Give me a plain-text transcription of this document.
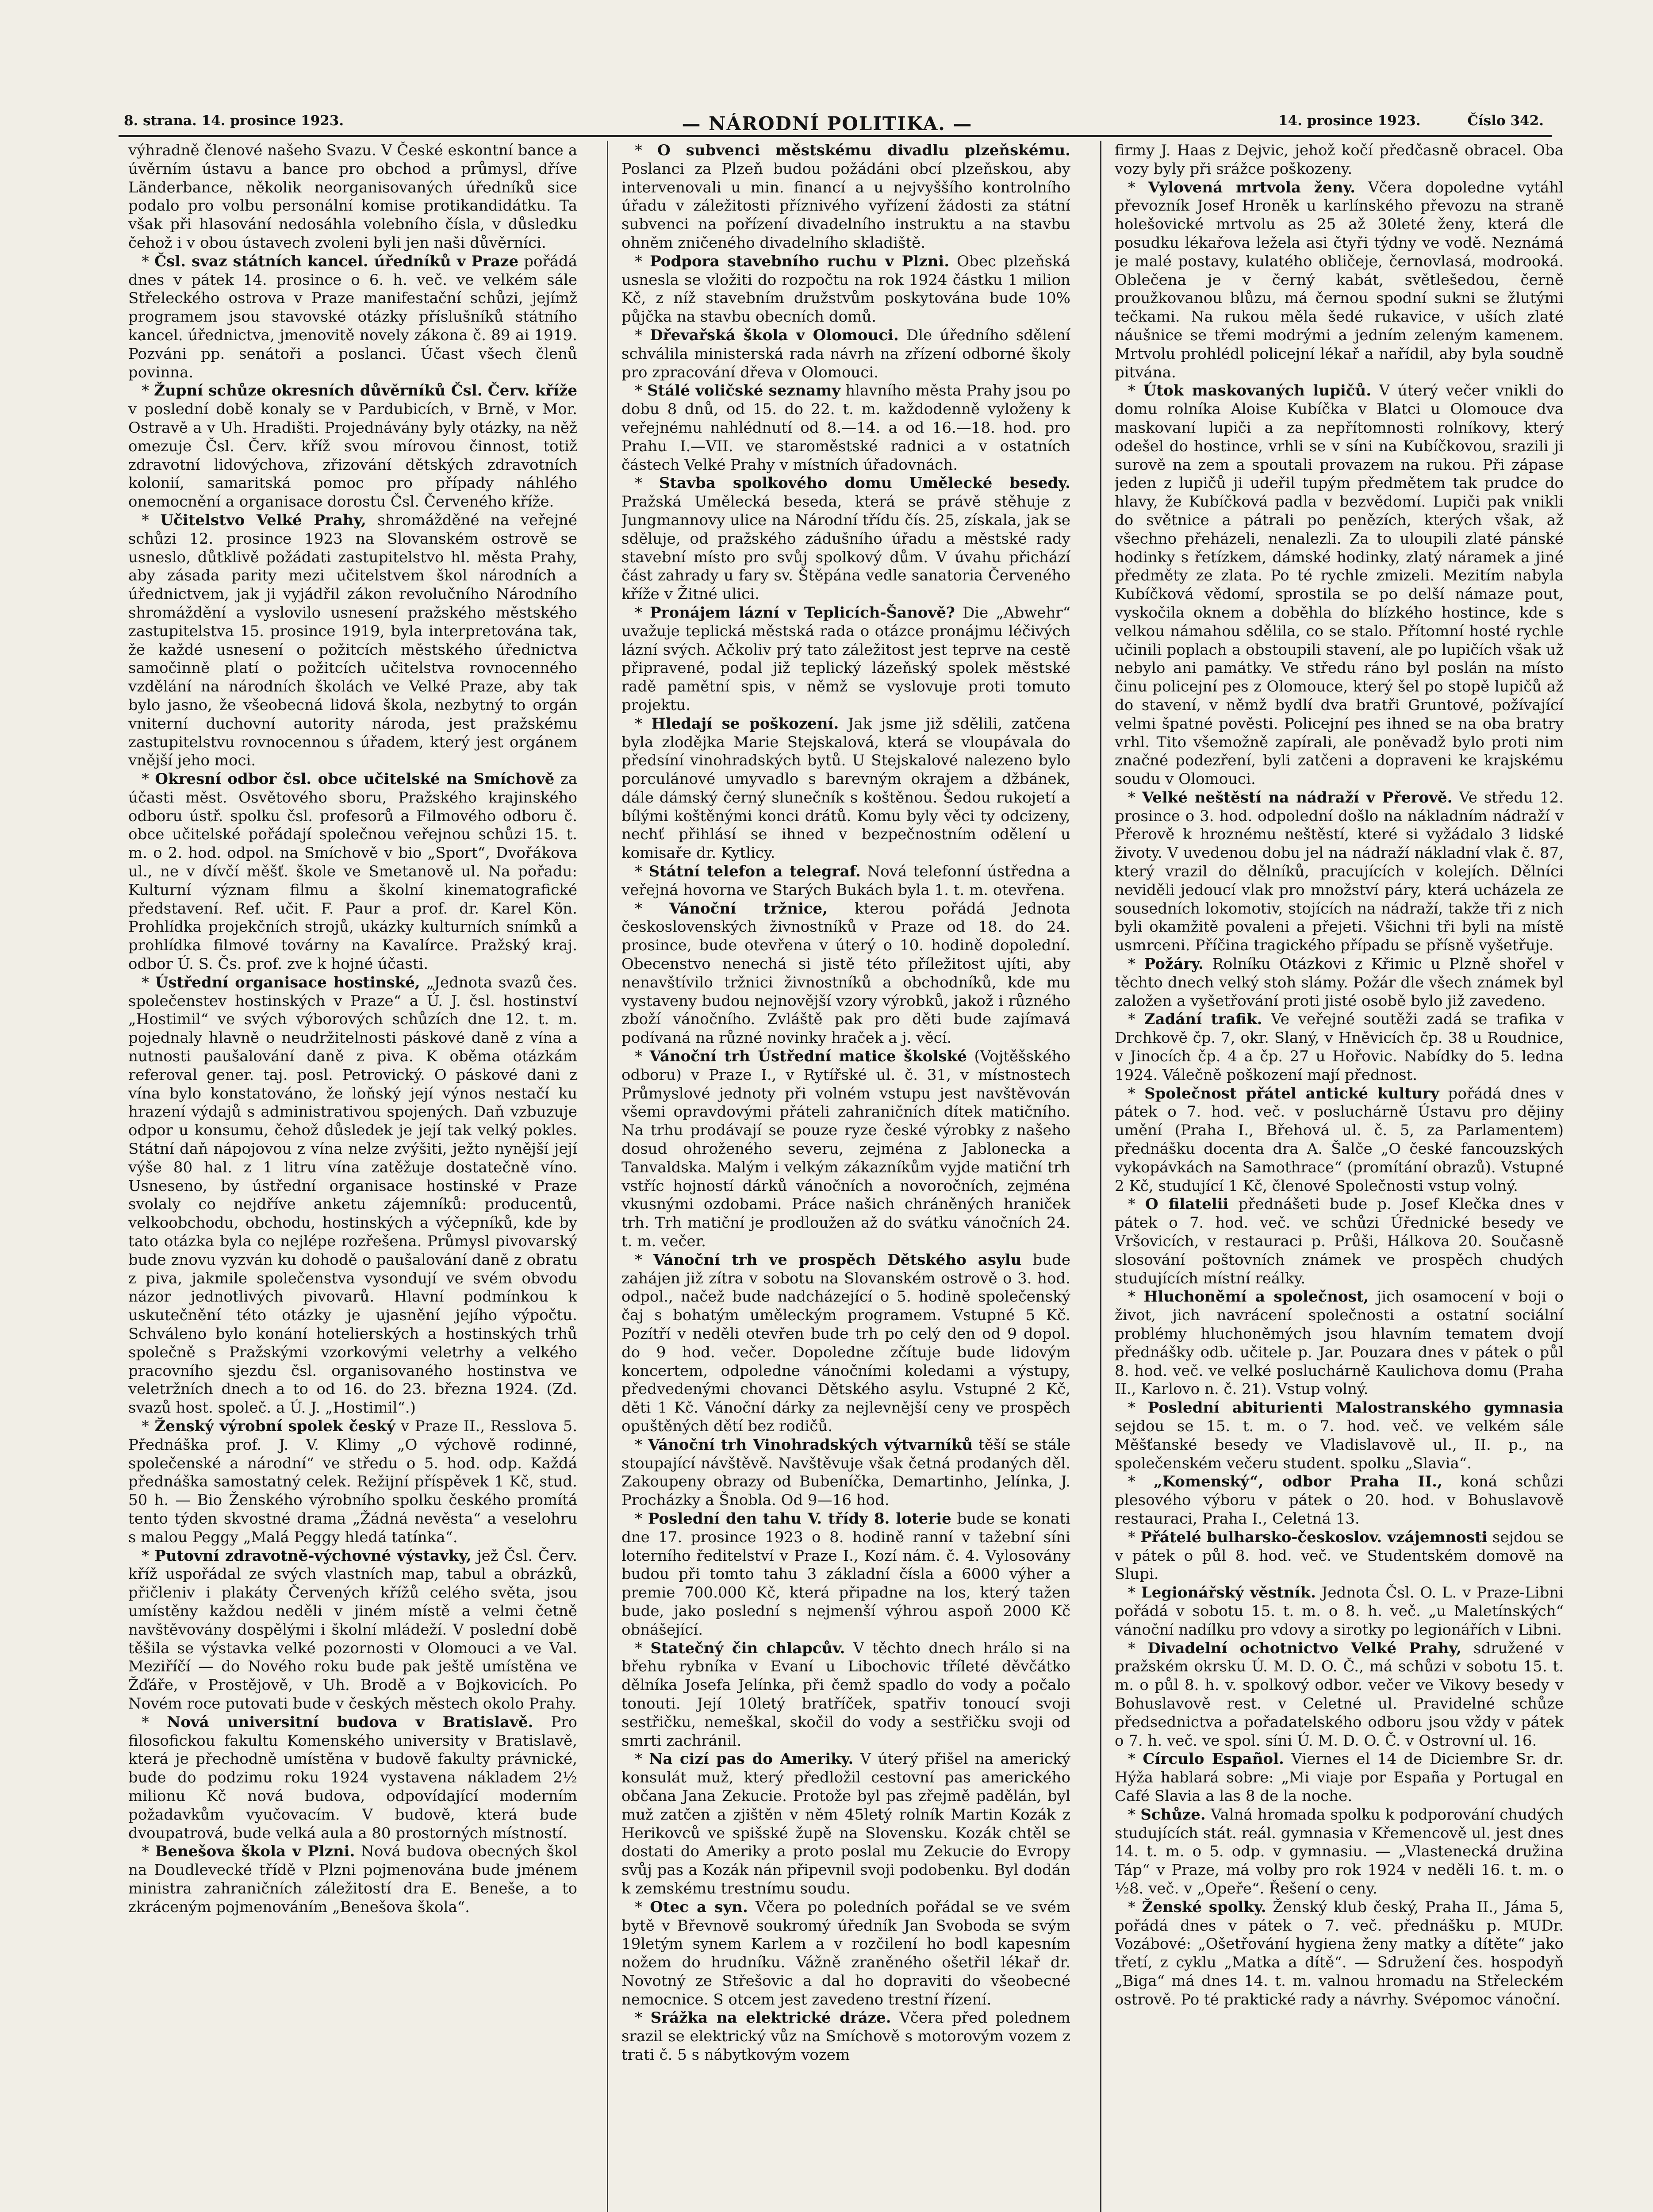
8. strana. 14. prosince 1923.	— NÁRODNÍ POLITIKA. —	14. prosince 1923.	Číslo 342.

výhradně členové našeho Svazu. V České eskontní bance a úvěrním ústavu a bance pro obchod a průmysl, dříve Länderbance, několik neorganisovaných úředníků sice podalo pro volbu personální komise protikandidátku. Ta však při hlasování nedosáhla volebního čísla, v důsledku čehož i v obou ústavech zvoleni byli jen naši důvěrníci.

* Čsl. svaz státních kancel. úředníků v Praze pořádá dnes v pátek 14. prosince o 6. h. več. ve velkém sále Střeleckého ostrova v Praze manifestační schůzi, jejímž programem jsou stavovské otázky příslušníků státního kancel. úřednictva, jmenovitě novely zákona č. 89 ai 1919. Pozváni pp. senátoři a poslanci. Účast všech členů povinna.

* Župní schůze okresních důvěrníků Čsl. Červ. kříže v poslední době konaly se v Pardubicích, v Brně, v Mor. Ostravě a v Uh. Hradišti. Projednávány byly otázky, na něž omezuje Čsl. Červ. kříž svou mírovou činnost, totiž zdravotní lidovýchova, zřizování dětských zdravotních kolonií, samaritská pomoc pro případy náhlého onemocnění a organisace dorostu Čsl. Červeného kříže.

* Učitelstvo Velké Prahy, shromážděné na veřejné schůzi 12. prosince 1923 na Slovanském ostrově se usneslo, důtklivě požádati zastupitelstvo hl. města Prahy, aby zásada parity mezi učitelstvem škol národních a úřednictvem, jak ji vyjádřil zákon revolučního Národního shromáždění a vyslovilo usnesení pražského městského zastupitelstva 15. prosince 1919, byla interpretována tak, že každé usnesení o požitcích městského úřednictva samočinně platí o požitcích učitelstva rovnocenného vzdělání na národních školách ve Velké Praze, aby tak bylo jasno, že všeobecná lidová škola, nezbytný to orgán vniterní duchovní autority národa, jest pražskému zastupitelstvu rovnocennou s úřadem, který jest orgánem vnější jeho moci.

* Okresní odbor čsl. obce učitelské na Smíchově za účasti měst. Osvětového sboru, Pražského krajinského odboru ústř. spolku čsl. profesorů a Filmového odboru č. obce učitelské pořádají společnou veřejnou schůzi 15. t. m. o 2. hod. odpol. na Smíchově v bio „Sport“, Dvořákova ul., ne v dívčí měšť. škole ve Smetanově ul. Na pořadu: Kulturní význam filmu a školní kinematografické představení. Ref. učit. F. Paur a prof. dr. Karel Kön. Prohlídka projekčních strojů, ukázky kulturních snímků a prohlídka filmové továrny na Kavalírce. Pražský kraj. odbor Ú. S. Čs. prof. zve k hojné účasti.

* Ústřední organisace hostinské, „Jednota svazů čes. společenstev hostinských v Praze“ a Ú. J. čsl. hostinství „Hostimil“ ve svých výborových schůzích dne 12. t. m. pojednaly hlavně o neudržitelnosti páskové daně z vína a nutnosti paušalování daně z piva. K oběma otázkám referoval gener. taj. posl. Petrovický. O páskové dani z vína bylo konstatováno, že loňský její výnos nestačí ku hrazení výdajů s administrativou spojených. Daň vzbuzuje odpor u konsumu, čehož důsledek je její tak velký pokles. Státní daň nápojovou z vína nelze zvýšiti, ježto nynější její výše 80 hal. z 1 litru vína zatěžuje dostatečně víno. Usneseno, by ústřední organisace hostinské v Praze svolaly co nejdříve anketu zájemníků: producentů, velkoobchodu, obchodu, hostinských a výčepníků, kde by tato otázka byla co nejlépe rozřešena. Průmysl pivovarský bude znovu vyzván ku dohodě o paušalování daně z obratu z piva, jakmile společenstva vysondují ve svém obvodu názor jednotlivých pivovarů. Hlavní podmínkou k uskutečnění této otázky je ujasnění jejího výpočtu. Schváleno bylo konání hotelierských a hostinských trhů společně s Pražskými vzorkovými veletrhy a velkého pracovního sjezdu čsl. organisovaného hostinstva ve veletržních dnech a to od 16. do 23. března 1924. (Zd. svazů host. společ. a Ú. J. „Hostimil“.)

* Ženský výrobní spolek český v Praze II., Resslova 5. Přednáška prof. J. V. Klimy „O výchově rodinné, společenské a národní“ ve středu o 5. hod. odp. Každá přednáška samostatný celek. Režijní příspěvek 1 Kč, stud. 50 h. — Bio Ženského výrobního spolku českého promítá tento týden skvostné drama „Žádná nevěsta“ a veselohru s malou Peggy „Malá Peggy hledá tatínka“.

* Putovní zdravotně-výchovné výstavky, jež Čsl. Červ. kříž uspořádal ze svých vlastních map, tabul a obrázků, přičleniv i plakáty Červených křížů celého světa, jsou umístěny každou neděli v jiném místě a velmi četně navštěvovány dospělými i školní mládeží. V poslední době těšila se výstavka velké pozornosti v Olomouci a ve Val. Meziříčí — do Nového roku bude pak ještě umístěna ve Žďáře, v Prostějově, v Uh. Brodě a v Bojkovicích. Po Novém roce putovati bude v českých městech okolo Prahy.

* Nová universitní budova v Bratislavě. Pro filosofickou fakultu Komenského university v Bratislavě, která je přechodně umístěna v budově fakulty právnické, bude do podzimu roku 1924 vystavena nákladem 2½ milionu Kč nová budova, odpovídající moderním požadavkům vyučovacím. V budově, která bude dvoupatrová, bude velká aula a 80 prostorných místností.

* Benešova škola v Plzni. Nová budova obecných škol na Doudlevecké třídě v Plzni pojmenována bude jménem ministra zahraničních záležitostí dra E. Beneše, a to zkráceným pojmenováním „Benešova škola“.

* O subvenci městskému divadlu plzeňskému. Poslanci za Plzeň budou požádáni obcí plzeňskou, aby intervenovali u min. financí a u nejvyššího kontrolního úřadu v záležitosti příznivého vyřízení žádosti za státní subvenci na pořízení divadelního instruktu a na stavbu ohněm zničeného divadelního skladiště.

* Podpora stavebního ruchu v Plzni. Obec plzeňská usnesla se vložiti do rozpočtu na rok 1924 částku 1 milion Kč, z níž stavebním družstvům poskytována bude 10% půjčka na stavbu obecních domů.

* Dřevařská škola v Olomouci. Dle úředního sdělení schválila ministerská rada návrh na zřízení odborné školy pro zpracování dřeva v Olomouci.

* Stálé voličské seznamy hlavního města Prahy jsou po dobu 8 dnů, od 15. do 22. t. m. každodenně vyloženy k veřejnému nahlédnutí od 8.—14. a od 16.—18. hod. pro Prahu I.—VII. ve staroměstské radnici a v ostatních částech Velké Prahy v místních úřadovnách.

* Stavba spolkového domu Umělecké besedy. Pražská Umělecká beseda, která se právě stěhuje z Jungmannovy ulice na Národní třídu čís. 25, získala, jak se sděluje, od pražského zádušního úřadu a městské rady stavební místo pro svůj spolkový dům. V úvahu přichází část zahrady u fary sv. Štěpána vedle sanatoria Červeného kříže v Žitné ulici.

* Pronájem lázní v Teplicích-Šanově? Die „Abwehr“ uvažuje teplická městská rada o otázce pronájmu léčivých lázní svých. Ačkoliv prý tato záležitost jest teprve na cestě připravené, podal již teplický lázeňský spolek městské radě pamětní spis, v němž se vyslovuje proti tomuto projektu.

* Hledají se poškození. Jak jsme již sdělili, zatčena byla zlodějka Marie Stejskalová, která se vloupávala do předsíní vinohradských bytů. U Stejskalové nalezeno bylo porculánové umyvadlo s barevným okrajem a džbánek, dále dámský černý slunečník s koštěnou. Šedou rukojetí a bílými koštěnými konci drátů. Komu byly věci ty odcizeny, nechť přihlásí se ihned v bezpečnostním odělení u komisaře dr. Kytlicy.

* Státní telefon a telegraf. Nová telefonní ústředna a veřejná hovorna ve Starých Bukách byla 1. t. m. otevřena.

* Vánoční tržnice, kterou pořádá Jednota československých živnostníků v Praze od 18. do 24. prosince, bude otevřena v úterý o 10. hodině dopolední. Obecenstvo nenechá si jistě této příležitost ujíti, aby nenavštívilo tržnici živnostníků a obchodníků, kde mu vystaveny budou nejnovější vzory výrobků, jakož i různého zboží vánočního. Zvláště pak pro děti bude zajímavá podívaná na různé novinky hraček a j. věcí.

* Vánoční trh Ústřední matice školské (Vojtěšského odboru) v Praze I., v Rytířské ul. č. 31, v místnostech Průmyslové jednoty při volném vstupu jest navštěvován všemi opravdovými přáteli zahraničních dítek matičního. Na trhu prodávají se pouze ryze české výrobky z našeho dosud ohroženého severu, zejména z Jablonecka a Tanvaldska. Malým i velkým zákazníkům vyjde matiční trh vstříc hojností dárků vánočních a novoročních, zejména vkusnými ozdobami. Práce našich chráněných hraniček trh. Trh matiční je prodloužen až do svátku vánočních 24. t. m. večer.

* Vánoční trh ve prospěch Dětského asylu bude zahájen již zítra v sobotu na Slovanském ostrově o 3. hod. odpol., načež bude nadcházející o 5. hodině společenský čaj s bohatým uměleckým programem. Vstupné 5 Kč. Pozítří v neděli otevřen bude trh po celý den od 9 dopol. do 9 hod. večer. Dopoledne zčítuje bude lidovým koncertem, odpoledne vánočními koledami a výstupy, předvedenými chovanci Dětského asylu. Vstupné 2 Kč, děti 1 Kč. Vánoční dárky za nejlevnější ceny ve prospěch opuštěných dětí bez rodičů.

* Vánoční trh Vinohradských výtvarníků těší se stále stoupající návštěvě. Navštěvuje však četná prodaných děl. Zakoupeny obrazy od Bubeníčka, Demartinho, Jelínka, J. Procházky a Šnobla. Od 9—16 hod.

* Poslední den tahu V. třídy 8. loterie bude se konati dne 17. prosince 1923 o 8. hodině ranní v tažební síni loterního ředitelství v Praze I., Kozí nám. č. 4. Vylosovány budou při tomto tahu 3 základní čísla a 6000 výher a premie 700.000 Kč, která připadne na los, který tažen bude, jako poslední s nejmenší výhrou aspoň 2000 Kč obnášející.

* Statečný čin chlapcův. V těchto dnech hrálo si na břehu rybníka v Evaní u Libochovic tříleté děvčátko dělníka Josefa Jelínka, při čemž spadlo do vody a počalo tonouti. Její 10letý bratříček, spatřiv tonoucí svoji sestřičku, nemeškal, skočil do vody a sestřičku svoji od smrti zachránil.

* Na cizí pas do Ameriky. V úterý přišel na americký konsulát muž, který předložil cestovní pas amerického občana Jana Zekucie. Protože byl pas zřejmě padělán, byl muž zatčen a zjištěn v něm 45letý rolník Martin Kozák z Herikovců ve spišské župě na Slovensku. Kozák chtěl se dostati do Ameriky a proto poslal mu Zekucie do Evropy svůj pas a Kozák nán připevnil svoji podobenku. Byl dodán k zemskému trestnímu soudu.

* Otec a syn. Včera po poledních pořádal se ve svém bytě v Břevnově soukromý úředník Jan Svoboda se svým 19letým synem Karlem a v rozčilení ho bodl kapesním nožem do hrudníku. Vážně zraněného ošetřil lékař dr. Novotný ze Střešovic a dal ho dopraviti do všeobecné nemocnice. S otcem jest zavedeno trestní řízení.

* Srážka na elektrické dráze. Včera před polednem srazil se elektrický vůz na Smíchově s motorovým vozem z trati č. 5 s nábytkovým vozem

firmy J. Haas z Dejvic, jehož kočí předčasně obracel. Oba vozy byly při srážce poškozeny.

* Vylovená mrtvola ženy. Včera dopoledne vytáhl převozník Josef Hroněk u karlínského převozu na straně holešovické mrtvolu as 25 až 30leté ženy, která dle posudku lékařova ležela asi čtyři týdny ve vodě. Neznámá je malé postavy, kulatého obličeje, černovlasá, modrooká. Oblečena je v černý kabát, světlešedou, černě proužkovanou blůzu, má černou spodní sukni se žlutými tečkami. Na rukou měla šedé rukavice, v uších zlaté náušnice se třemi modrými a jedním zeleným kamenem. Mrtvolu prohlédl policejní lékař a nařídil, aby byla soudně pitvána.

* Útok maskovaných lupičů. V úterý večer vnikli do domu rolníka Aloise Kubíčka v Blatci u Olomouce dva maskovaní lupiči a za nepřítomnosti rolníkovy, který odešel do hostince, vrhli se v síni na Kubíčkovou, srazili ji surově na zem a spoutali provazem na rukou. Při zápase jeden z lupičů ji udeřil tupým předmětem tak prudce do hlavy, že Kubíčková padla v bezvědomí. Lupiči pak vnikli do světnice a pátrali po penězích, kterých však, až všechno přeházeli, nenalezli. Za to uloupili zlaté pánské hodinky s řetízkem, dámské hodinky, zlatý náramek a jiné předměty ze zlata. Po té rychle zmizeli. Mezitím nabyla Kubíčková vědomí, sprostila se po delší námaze pout, vyskočila oknem a doběhla do blízkého hostince, kde s velkou námahou sdělila, co se stalo. Přítomní hosté rychle učinili poplach a obstoupili stavení, ale po lupičích však už nebylo ani památky. Ve středu ráno byl poslán na místo činu policejní pes z Olomouce, který šel po stopě lupičů až do stavení, v němž bydlí dva bratři Gruntové, požívající velmi špatné pověsti. Policejní pes ihned se na oba bratry vrhl. Tito všemožně zapírali, ale poněvadž bylo proti nim značné podezření, byli zatčeni a dopraveni ke krajskému soudu v Olomouci.

* Velké neštěstí na nádraží v Přerově. Ve středu 12. prosince o 3. hod. odpolední došlo na nákladním nádraží v Přerově k hroznému neštěstí, které si vyžádalo 3 lidské životy. V uvedenou dobu jel na nádraží nákladní vlak č. 87, který vrazil do dělníků, pracujících v kolejích. Dělníci neviděli jedoucí vlak pro množství páry, která ucházela ze sousedních lokomotiv, stojících na nádraží, takže tři z nich byli okamžitě povaleni a přejeti. Všichni tři byli na místě usmrceni. Příčina tragického případu se přísně vyšetřuje.

* Požáry. Rolníku Otázkovi z Křimic u Plzně shořel v těchto dnech velký stoh slámy. Požár dle všech známek byl založen a vyšetřování proti jisté osobě bylo již zavedeno.

* Zadání trafik. Ve veřejné soutěži zadá se trafika v Drchkově čp. 7, okr. Slaný, v Hněvicích čp. 38 u Roudnice, v Jinocích čp. 4 a čp. 27 u Hořovic. Nabídky do 5. ledna 1924. Válečně poškození mají přednost.

* Společnost přátel antické kultury pořádá dnes v pátek o 7. hod. več. v posluchárně Ústavu pro dějiny umění (Praha I., Břehová ul. č. 5, za Parlamentem) přednášku docenta dra A. Šalče „O české fancouzských vykopávkách na Samothrace“ (promítání obrazů). Vstupné 2 Kč, studující 1 Kč, členové Společnosti vstup volný.

* O filatelii přednášeti bude p. Josef Klečka dnes v pátek o 7. hod. več. ve schůzi Úřednické besedy ve Vršovicích, v restauraci p. Průši, Hálkova 20. Současně slosování poštovních známek ve prospěch chudých studujících místní reálky.

* Hluchoněmí a společnost, jich osamocení v boji o život, jich navrácení společnosti a ostatní sociální problémy hluchoněmých jsou hlavním tematem dvojí přednášky odb. učitele p. Jar. Pouzara dnes v pátek o půl 8. hod. več. ve velké posluchárně Kaulichova domu (Praha II., Karlovo n. č. 21). Vstup volný.

* Poslední abiturienti Malostranského gymnasia sejdou se 15. t. m. o 7. hod. več. ve velkém sále Měšťanské besedy ve Vladislavově ul., II. p., na společenském večeru student. spolku „Slavia“.

* „Komenský“, odbor Praha II., koná schůzi plesového výboru v pátek o 20. hod. v Bohuslavově restauraci, Praha I., Celetná 13.

* Přátelé bulharsko-českoslov. vzájemnosti sejdou se v pátek o půl 8. hod. več. ve Studentském domově na Slupi.

* Legionářský věstník. Jednota Čsl. O. L. v Praze-Libni pořádá v sobotu 15. t. m. o 8. h. več. „u Maletínských“ vánoční nadílku pro vdovy a sirotky po legionářích v Libni.

* Divadelní ochotnictvo Velké Prahy, sdružené v pražském okrsku Ú. M. D. O. Č., má schůzi v sobotu 15. t. m. o půl 8. h. v. spolkový odbor. večer ve Vikovy besedy v Bohuslavově rest. v Celetné ul. Pravidelné schůze předsednictva a pořadatelského odboru jsou vždy v pátek o 7. h. več. ve spol. síni Ú. M. D. O. Č. v Ostrovní ul. 16.

* Círculo Español. Viernes el 14 de Diciembre Sr. dr. Hýža hablará sobre: „Mi viaje por España y Portugal en Café Slavia a las 8 de la noche.

* Schůze. Valná hromada spolku k podporování chudých studujících stát. reál. gymnasia v Křemencově ul. jest dnes 14. t. m. o 5. odp. v gymnasiu. — „Vlastenecká družina Táp“ v Praze, má volby pro rok 1924 v neděli 16. t. m. o ½8. več. v „Opeře“. Řešení o ceny.

* Ženské spolky. Ženský klub český, Praha II., Jáma 5, pořádá dnes v pátek o 7. več. přednášku p. MUDr. Vozábové: „Ošetřování hygiena ženy matky a dítěte“ jako třetí, z cyklu „Matka a dítě“. — Sdružení čes. hospodyň „Biga“ má dnes 14. t. m. valnou hromadu na Střeleckém ostrově. Po té praktické rady a návrhy. Svépomoc vánoční.
